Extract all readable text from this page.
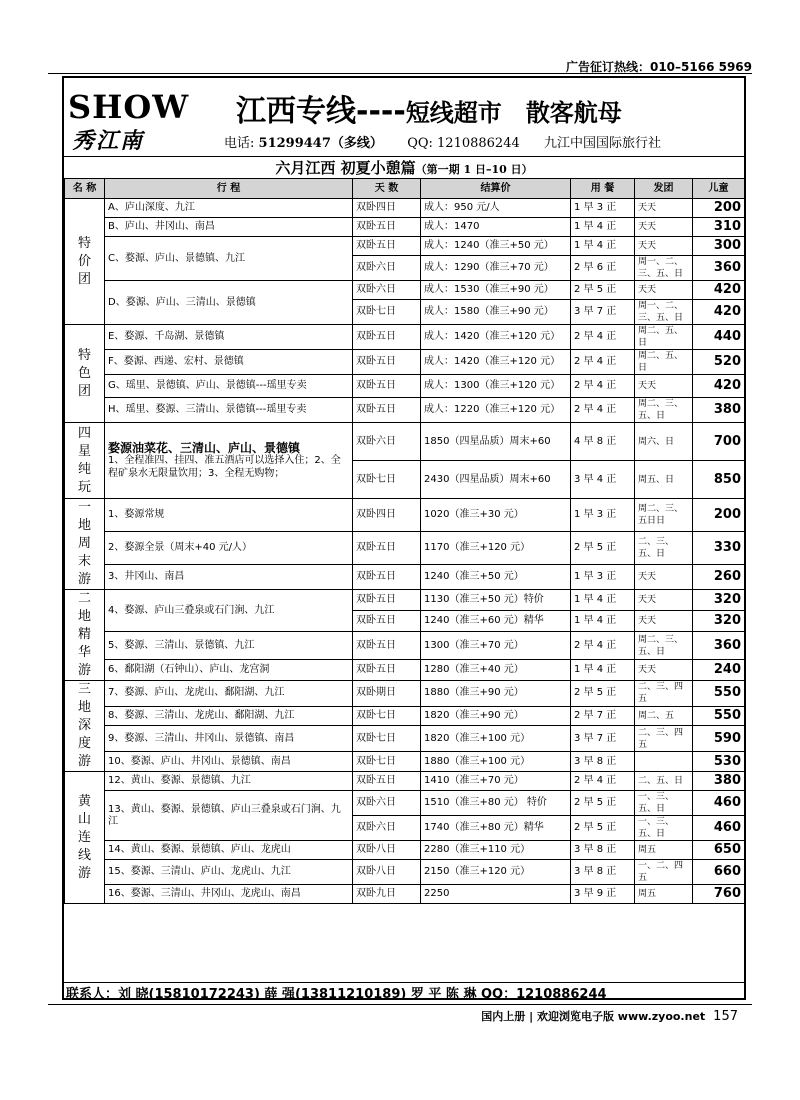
广告征订热线：010–5166 5969
SHOW
秀江南
江西专线----短线超市 散客航母
电话: 51299447（多线） QQ: 1210886244 九江中国国际旅行社
六月江西 初夏小憩篇（第一期 1 日–10 日）
名 称	行 程	天 数	结算价	用 餐	发团	儿童

特价团	A、庐山深度、九江	双卧四日	成人：950 元/人	1 早 3 正	天天	200

	B、庐山、井冈山、南昌	双卧五日	成人：1470	1 早 4 正	天天	310

	C、婺源、庐山、景德镇、九江	双卧五日	成人：1240（准三+50 元）	1 早 4 正	天天	300
		双卧六日	成人：1290（准三+70 元）	2 早 6 正	周一、二、三、五、日	360

	D、婺源、庐山、三清山、景德镇	双卧六日	成人：1530（准三+90 元）	2 早 5 正	天天	420
		双卧七日	成人：1580（准三+90 元）	3 早 7 正	周一、二、三、五、日	420

特色团	E、婺源、千岛湖、景德镇	双卧五日	成人：1420（准三+120 元）	2 早 4 正	周二、五、日	440

	F、婺源、西递、宏村、景德镇	双卧五日	成人：1420（准三+120 元）	2 早 4 正	周二、五、日	520

	G、瑶里、景德镇、庐山、景德镇---瑶里专卖	双卧五日	成人：1300（准三+120 元）	2 早 4 正	天天	420

	H、瑶里、婺源、三清山、景德镇---瑶里专卖	双卧五日	成人：1220（准三+120 元）	2 早 4 正	周二、三、五、日	380

四星纯玩	婺源油菜花、三清山、庐山、景德镇
1、全程准四、挂四、准五酒店可以选择入住；2、全程矿泉水无限量饮用；3、全程无购物；	双卧六日	1850（四星品质）周末+60	4 早 8 正	周六、日	700
		双卧七日	2430（四星品质）周末+60	3 早 4 正	周五、日	850

一地周末游	1、婺源常规	双卧四日	1020（准三+30 元）	1 早 3 正	周二、三、五日日	200

	2、婺源全景（周末+40 元/人）	双卧五日	1170（准三+120 元）	2 早 5 正	二、三、五、日	330

	3、井冈山、南昌	双卧五日	1240（准三+50 元）	1 早 3 正	天天	260

二地精华游	4、婺源、庐山三叠泉或石门涧、九江	双卧五日	1130（准三+50 元）特价	1 早 4 正	天天	320
		双卧五日	1240（准三+60 元）精华	1 早 4 正	天天	320

	5、婺源、三清山、景德镇、九江	双卧五日	1300（准三+70 元）	2 早 4 正	周二、三、五、日	360

	6、鄱阳湖（石钟山）、庐山、龙宫洞	双卧五日	1280（准三+40 元）	1 早 4 正	天天	240

三地深度游	7、婺源、庐山、龙虎山、鄱阳湖、九江	双卧期日	1880（准三+90 元）	2 早 5 正	二、三、四五	550

	8、婺源、三清山、龙虎山、鄱阳湖、九江	双卧七日	1820（准三+90 元）	2 早 7 正	周二、五	550

	9、婺源、三清山、井冈山、景德镇、南昌	双卧七日	1820（准三+100 元）	3 早 7 正	二、三、四五	590

	10、婺源、庐山、井冈山、景德镇、南昌	双卧七日	1880（准三+100 元）	3 早 8 正		530

黄山连线游	12、黄山、婺源、景德镇、九江	双卧五日	1410（准三+70 元）	2 早 4 正	二、五、日	380

	13、黄山、婺源、景德镇、庐山三叠泉或石门涧、九江	双卧六日	1510（准三+80 元） 特价	2 早 5 正	一、三、五、日	460
		双卧六日	1740（准三+80 元）精华	2 早 5 正	一、三、五、日	460

	14、黄山、婺源、景德镇、庐山、龙虎山	双卧八日	2280（准三+110 元）	3 早 8 正	周五	650

	15、婺源、三清山、庐山、龙虎山、九江	双卧八日	2150（准三+120 元）	3 早 8 正	一、二、四五	660

	16、婺源、三清山、井冈山、龙虎山、南昌	双卧九日	2250	3 早 9 正	周五	760
联系人：刘 晓(15810172243) 薛 强(13811210189) 罗 平 陈 琳 QQ：1210886244
国内上册 | 欢迎浏览电子版 www.zyoo.net 157
